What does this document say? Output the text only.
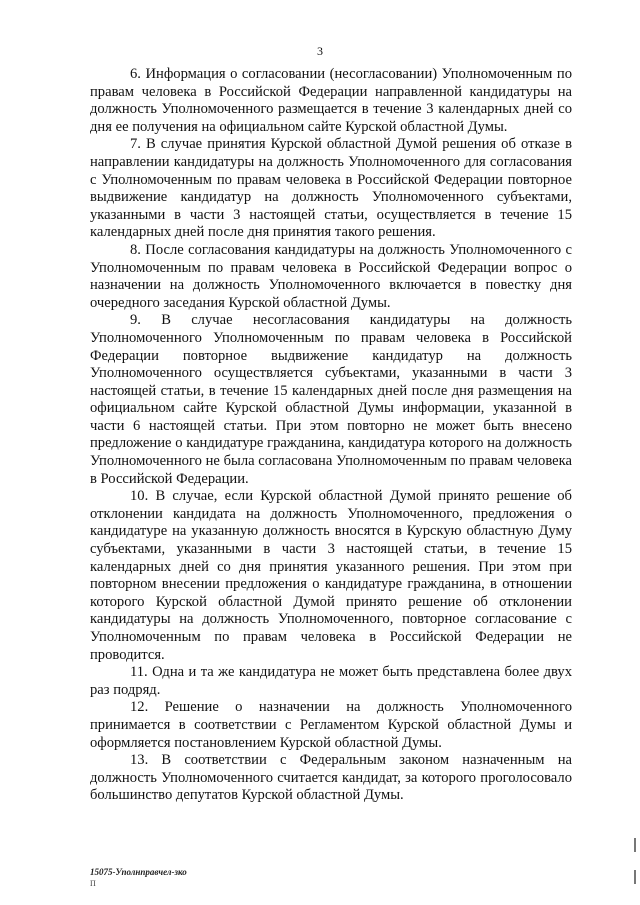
3

6. Информация о согласовании (несогласовании) Уполномоченным по правам человека в Российской Федерации направленной кандидатуры на должность Уполномоченного размещается в течение 3 календарных дней со дня ее получения на официальном сайте Курской областной Думы.

7. В случае принятия Курской областной Думой решения об отказе в направлении кандидатуры на должность Уполномоченного для согласования с Уполномоченным по правам человека в Российской Федерации повторное выдвижение кандидатур на должность Уполномоченного субъектами, указанными в части 3 настоящей статьи, осуществляется в течение 15 календарных дней после дня принятия такого решения.

8. После согласования кандидатуры на должность Уполномоченного с Уполномоченным по правам человека в Российской Федерации вопрос о назначении на должность Уполномоченного включается в повестку дня очередного заседания Курской областной Думы.

9. В случае несогласования кандидатуры на должность Уполномоченного Уполномоченным по правам человека в Российской Федерации повторное выдвижение кандидатур на должность Уполномоченного осуществляется субъектами, указанными в части 3 настоящей статьи, в течение 15 календарных дней после дня размещения на официальном сайте Курской областной Думы информации, указанной в части 6 настоящей статьи. При этом повторно не может быть внесено предложение о кандидатуре гражданина, кандидатура которого на должность Уполномоченного не была согласована Уполномоченным по правам человека в Российской Федерации.

10. В случае, если Курской областной Думой принято решение об отклонении кандидата на должность Уполномоченного, предложения о кандидатуре на указанную должность вносятся в Курскую областную Думу субъектами, указанными в части 3 настоящей статьи, в течение 15 календарных дней со дня принятия указанного решения. При этом при повторном внесении предложения о кандидатуре гражданина, в отношении которого Курской областной Думой принято решение об отклонении кандидатуры на должность Уполномоченного, повторное согласование с Уполномоченным по правам человека в Российской Федерации не проводится.

11. Одна и та же кандидатура не может быть представлена более двух раз подряд.

12. Решение о назначении на должность Уполномоченного принимается в соответствии с Регламентом Курской областной Думы и оформляется постановлением Курской областной Думы.

13. В соответствии с Федеральным законом назначенным на должность Уполномоченного считается кандидат, за которого проголосовало большинство депутатов Курской областной Думы.

15075-Уполнправчел-зко
П
